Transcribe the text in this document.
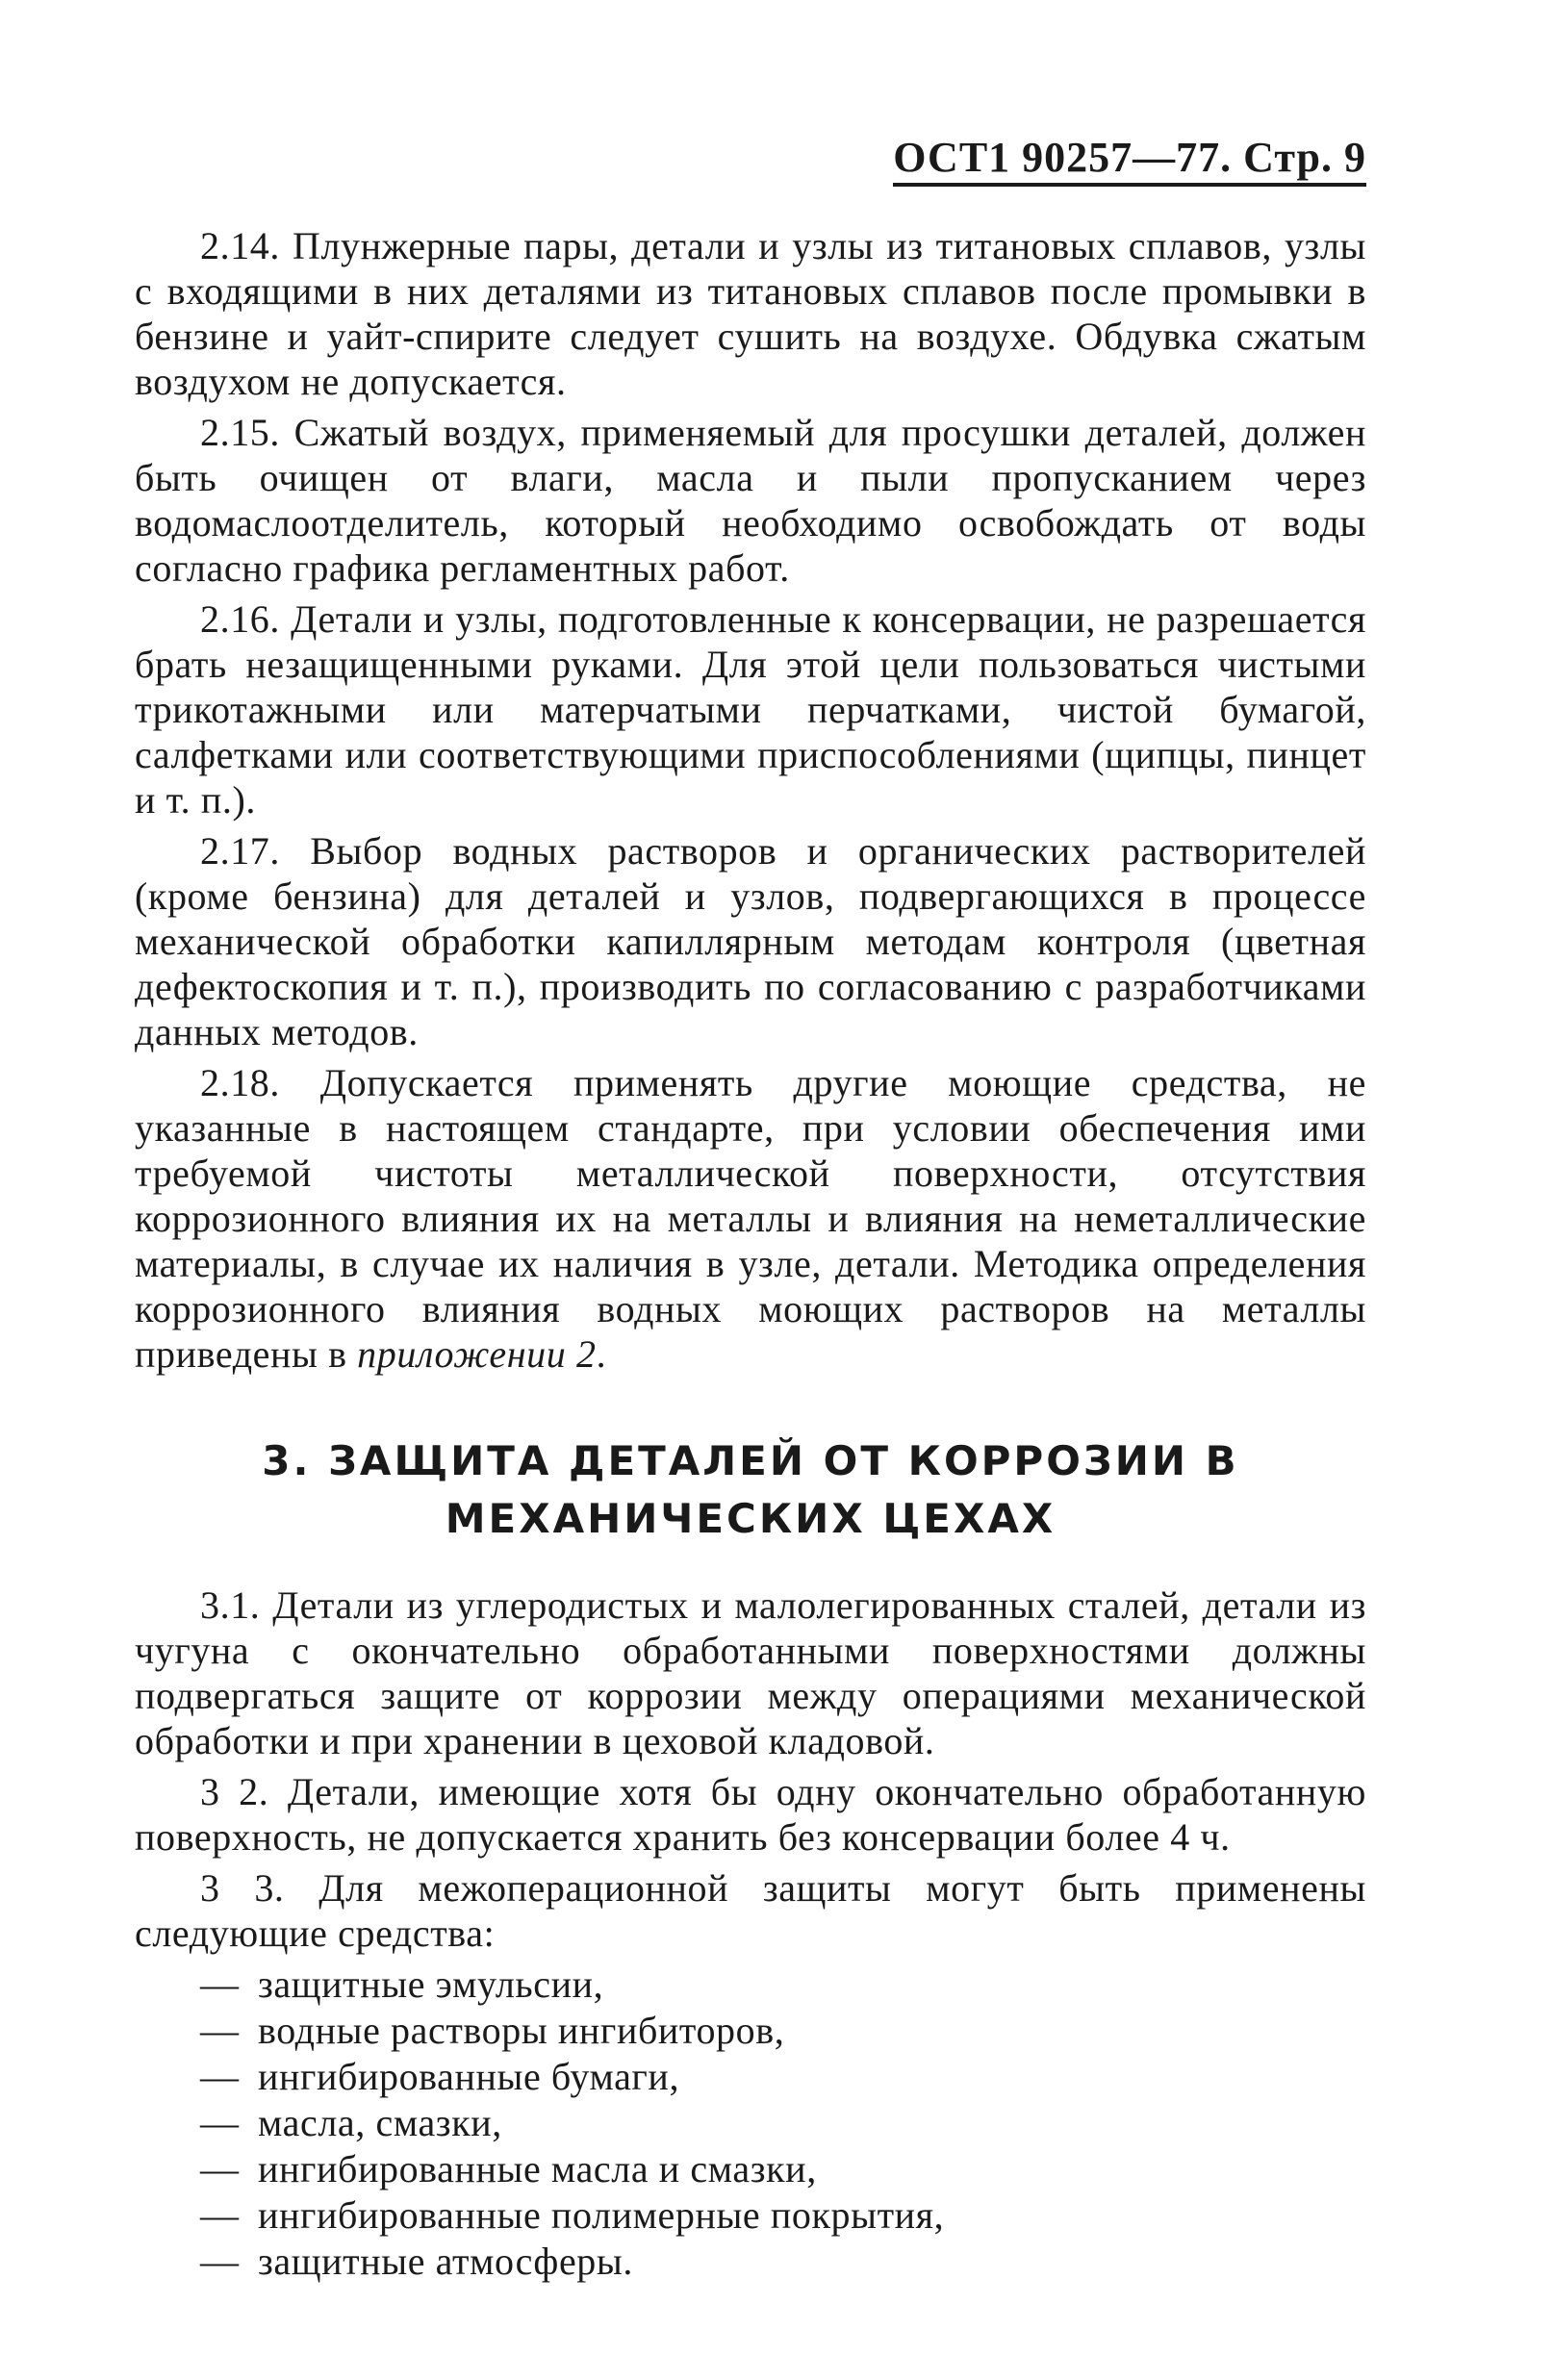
ОСТ1 90257—77. Стр. 9

2.14. Плунжерные пары, детали и узлы из титановых сплавов, узлы с входящими в них деталями из титановых сплавов после промывки в бензине и уайт-спирите следует сушить на воздухе. Обдувка сжатым воздухом не допускается.

2.15. Сжатый воздух, применяемый для просушки деталей, должен быть очищен от влаги, масла и пыли пропусканием через водомаслоотделитель, который необходимо освобождать от воды согласно графика регламентных работ.

2.16. Детали и узлы, подготовленные к консервации, не разрешается брать незащищенными руками. Для этой цели пользоваться чистыми трикотажными или матерчатыми перчатками, чистой бумагой, салфетками или соответствующими приспособлениями (щипцы, пинцет и т. п.).

2.17. Выбор водных растворов и органических растворителей (кроме бензина) для деталей и узлов, подвергающихся в процессе механической обработки капиллярным методам контроля (цветная дефектоскопия и т. п.), производить по согласованию с разработчиками данных методов.

2.18. Допускается применять другие моющие средства, не указанные в настоящем стандарте, при условии обеспечения ими требуемой чистоты металлической поверхности, отсутствия коррозионного влияния их на металлы и влияния на неметаллические материалы, в случае их наличия в узле, детали. Методика определения коррозионного влияния водных моющих растворов на металлы приведены в приложении 2.

3. ЗАЩИТА ДЕТАЛЕЙ ОТ КОРРОЗИИ В
МЕХАНИЧЕСКИХ ЦЕХАХ

3.1. Детали из углеродистых и малолегированных сталей, детали из чугуна с окончательно обработанными поверхностями должны подвергаться защите от коррозии между операциями механической обработки и при хранении в цеховой кладовой.

3 2. Детали, имеющие хотя бы одну окончательно обработанную поверхность, не допускается хранить без консервации более 4 ч.

3 3. Для межоперационной защиты могут быть применены следующие средства:

— защитные эмульсии,
— водные растворы ингибиторов,
— ингибированные бумаги,
— масла, смазки,
— ингибированные масла и смазки,
— ингибированные полимерные покрытия,
— защитные атмосферы.
